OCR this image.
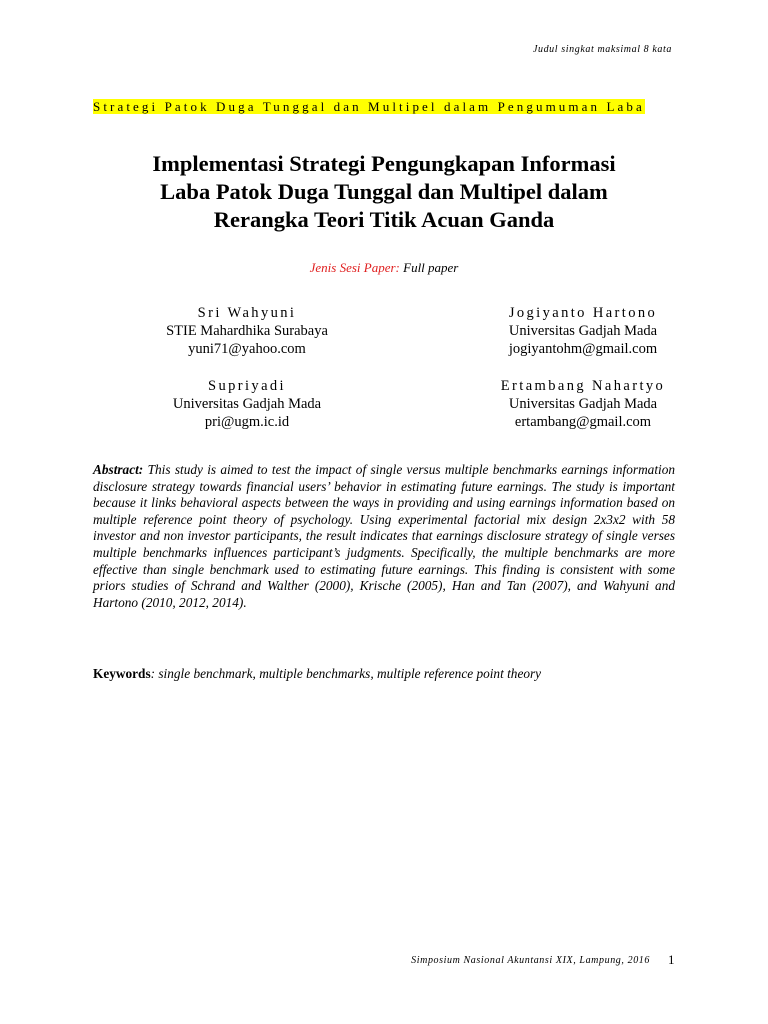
Judul singkat maksimal 8 kata
Strategi Patok Duga Tunggal dan Multipel dalam Pengumuman Laba
Implementasi Strategi Pengungkapan Informasi
Laba Patok Duga Tunggal dan Multipel dalam
Rerangka Teori Titik Acuan Ganda
Jenis Sesi Paper: Full paper
Sri Wahyuni
STIE Mahardhika Surabaya
yuni71@yahoo.com
Jogiyanto Hartono
Universitas Gadjah Mada
jogiyantohm@gmail.com
Supriyadi
Universitas Gadjah Mada
pri@ugm.ic.id
Ertambang Nahartyo
Universitas Gadjah Mada
ertambang@gmail.com
Abstract: This study is aimed to test the impact of single versus multiple benchmarks earnings information disclosure strategy towards financial users’ behavior in estimating future earnings. The study is important because it links behavioral aspects between the ways in providing and using earnings information based on multiple reference point theory of psychology. Using experimental factorial mix design 2x3x2 with 58 investor and non investor participants, the result indicates that earnings disclosure strategy of single verses multiple benchmarks influences participant’s judgments. Specifically, the multiple benchmarks are more effective than single benchmark used to estimating future earnings. This finding is consistent with some priors studies of Schrand and Walther (2000), Krische (2005), Han and Tan (2007), and Wahyuni and Hartono (2010, 2012, 2014).
Keywords: single benchmark, multiple benchmarks, multiple reference point theory
Simposium Nasional Akuntansi XIX, Lampung, 2016 1
